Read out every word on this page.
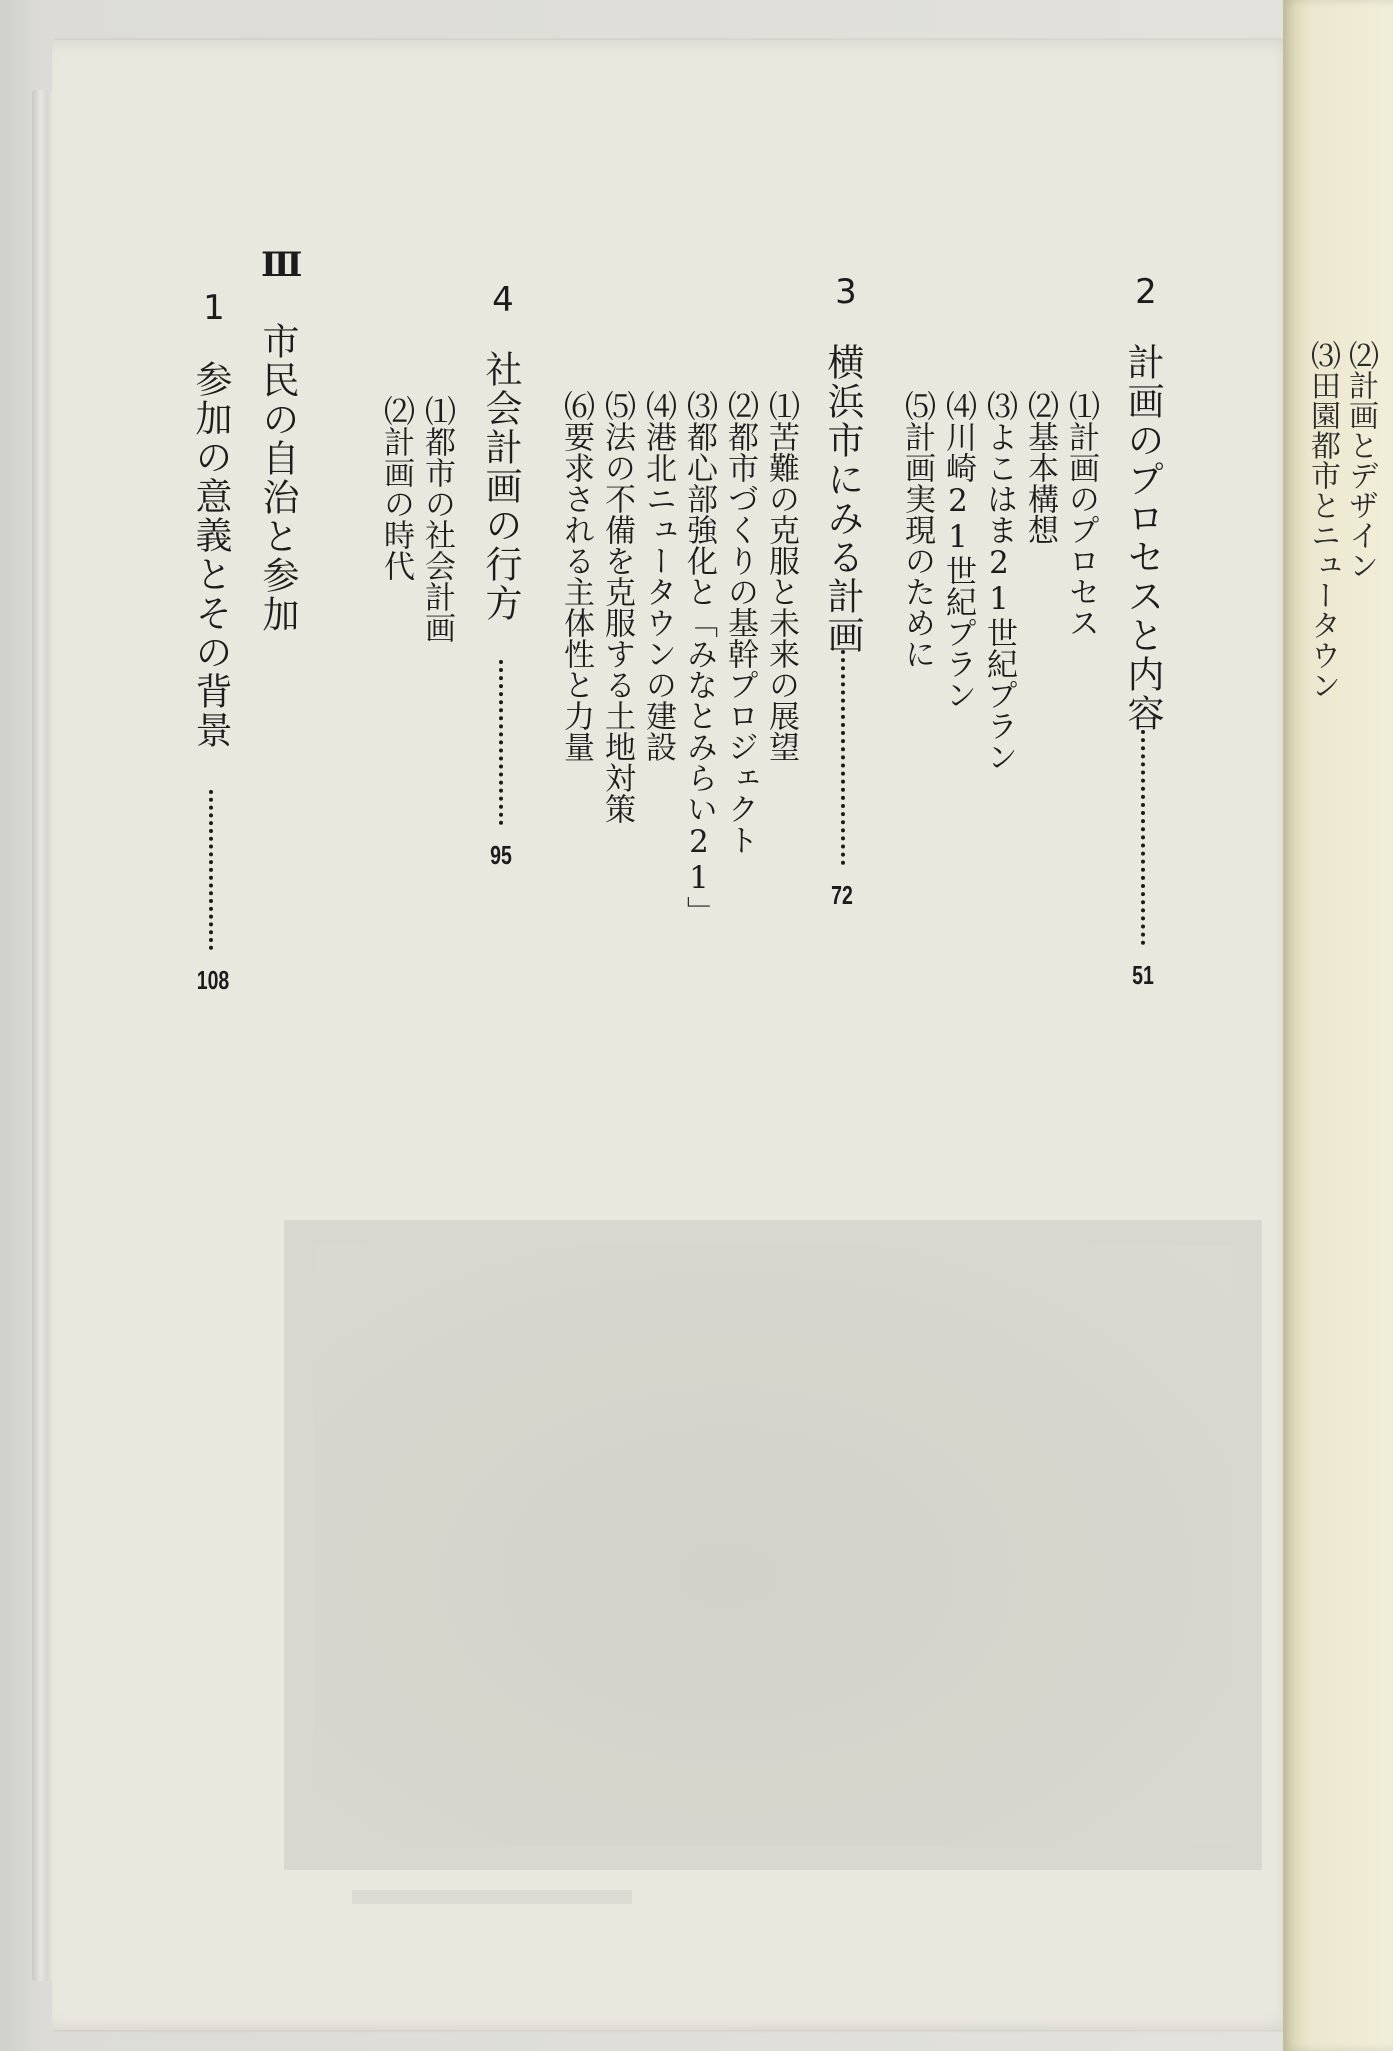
2
計画のプロセスと内容
51
⑴計画のプロセス
⑵基本構想
⑶よこはま21世紀プラン
⑷川崎21世紀プラン
⑸計画実現のために
3
横浜市にみる計画
72
⑴苦難の克服と未来の展望
⑵都市づくりの基幹プロジェクト
⑶都心部強化と「みなとみらい21」
⑷港北ニュータウンの建設
⑸法の不備を克服する土地対策
⑹要求される主体性と力量
4
社会計画の行方
95
⑴都市の社会計画
⑵計画の時代
Ⅲ
市民の自治と参加
1
参加の意義とその背景
108
⑵計画とデザイン
⑶田園都市とニュータウン
